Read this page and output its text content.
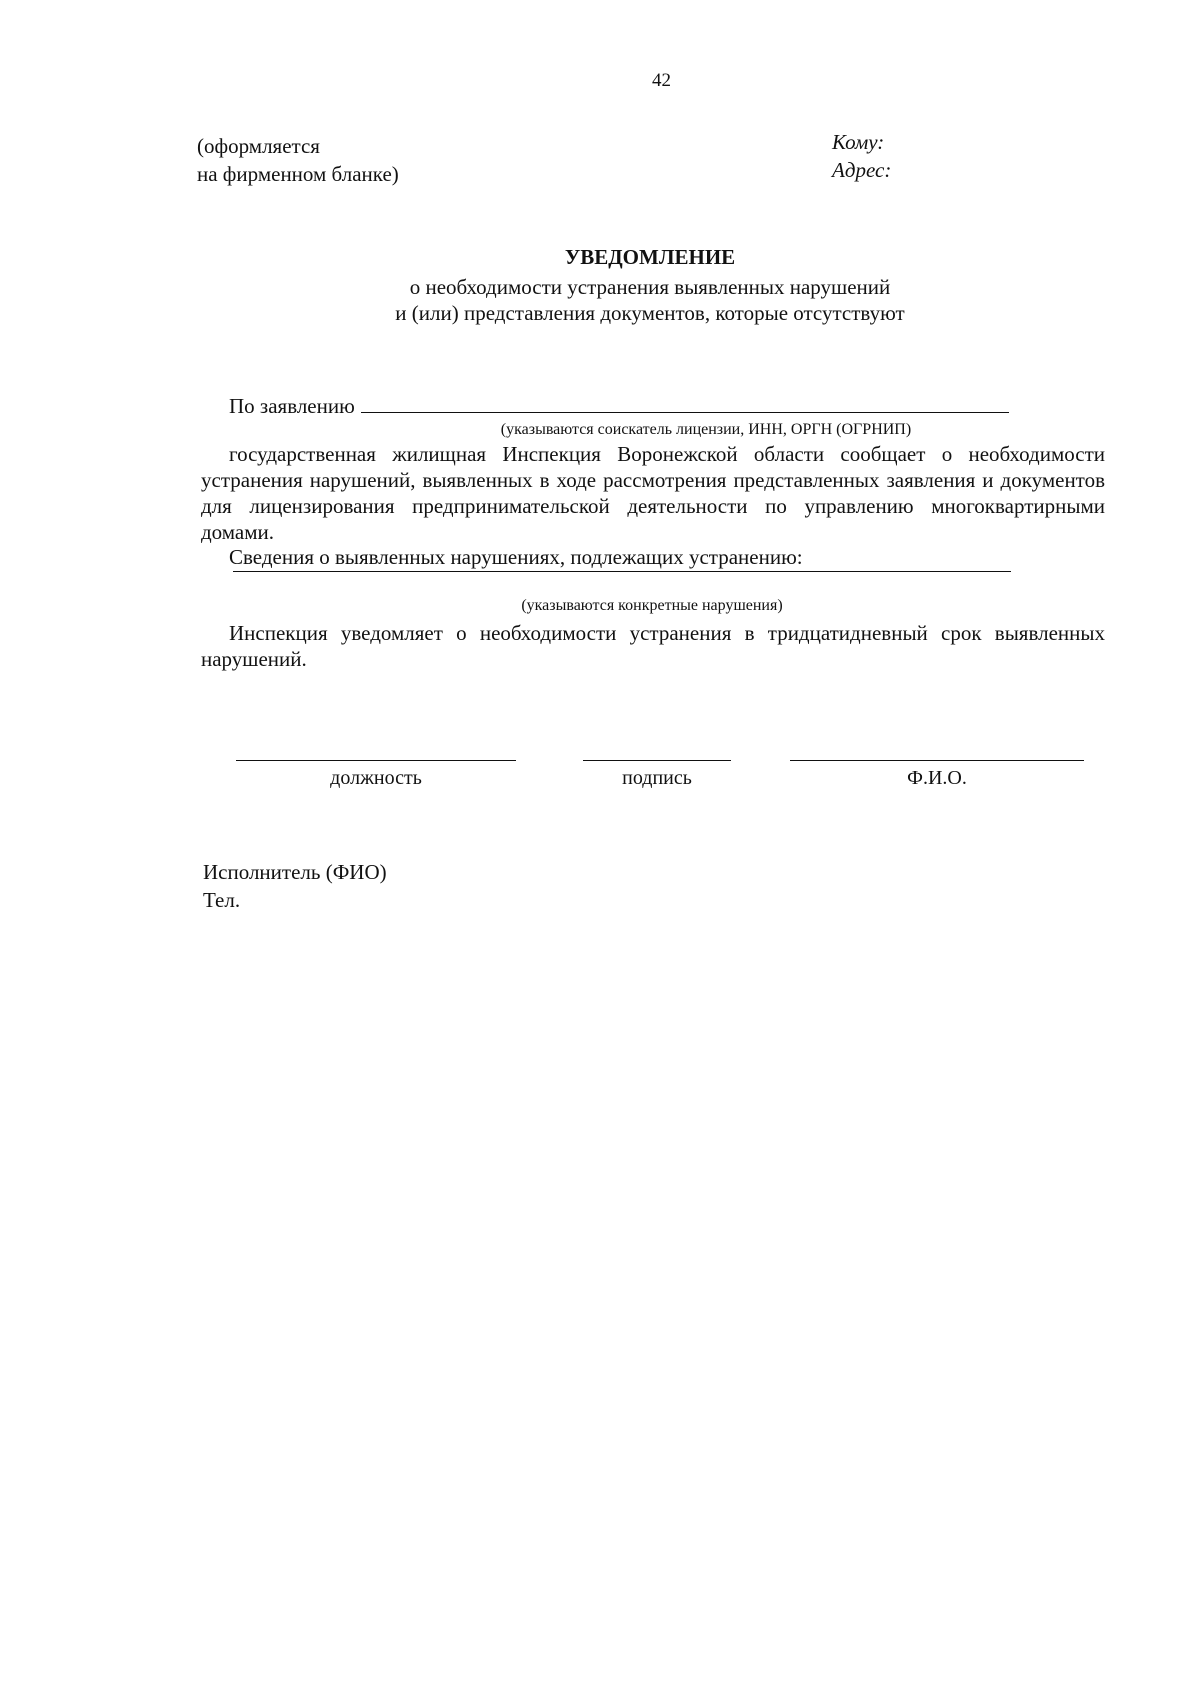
42
(оформляется
на фирменном бланке)
Кому:
Адрес:
УВЕДОМЛЕНИЕ
о необходимости устранения выявленных нарушений
и (или) представления документов, которые отсутствуют
По заявлению
(указываются соискатель лицензии, ИНН, ОРГН (ОГРНИП)
государственная жилищная Инспекция Воронежской области сообщает о необходимости устранения нарушений, выявленных в ходе рассмотрения представленных заявления и документов для лицензирования предпринимательской деятельности по управлению многоквартирными домами.
Сведения о выявленных нарушениях, подлежащих устранению:
(указываются конкретные нарушения)
Инспекция уведомляет о необходимости устранения в тридцатидневный срок выявленных нарушений.
должность	подпись	Ф.И.О.
Исполнитель (ФИО)
Тел.
